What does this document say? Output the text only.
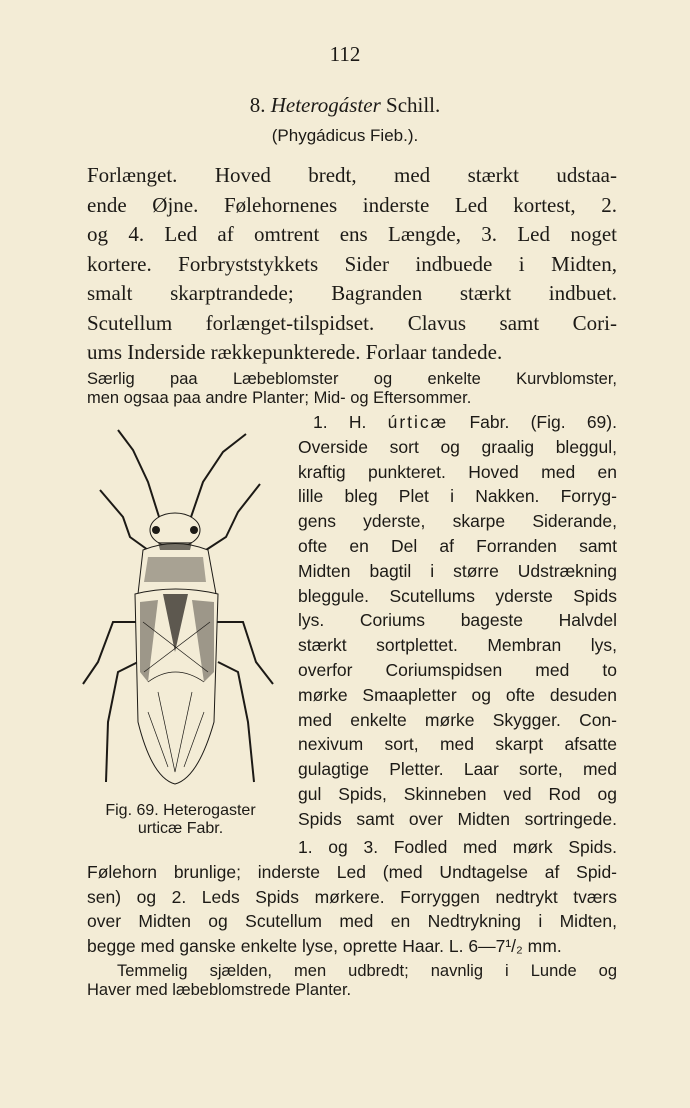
112
8. Heterogáster Schill.
(Phygádicus Fieb.).
Forlænget. Hoved bredt, med stærkt udstaa-
ende Øjne. Følehornenes inderste Led kortest, 2.
og 4. Led af omtrent ens Længde, 3. Led noget
kortere. Forbryststykkets Sider indbuede i Midten,
smalt skarptrandede; Bagranden stærkt indbuet.
Scutellum forlænget-tilspidset. Clavus samt Cori-
ums Inderside rækkepunkterede. Forlaar tandede.
Særlig paa Læbeblomster og enkelte Kurvblomster,
men ogsaa paa andre Planter; Mid- og Eftersommer.
Fig. 69. Heterogaster
urticæ Fabr.
1. H. úrticæ Fabr. (Fig. 69).
Overside sort og graalig bleggul,
kraftig punkteret. Hoved med en
lille bleg Plet i Nakken. Forryg-
gens yderste, skarpe Siderande,
ofte en Del af Forranden samt
Midten bagtil i større Udstrækning
bleggule. Scutellums yderste Spids
lys. Coriums bageste Halvdel
stærkt sortplettet. Membran lys,
overfor Coriumspidsen med to
mørke Smaapletter og ofte desuden
med enkelte mørke Skygger. Con-
nexivum sort, med skarpt afsatte
gulagtige Pletter. Laar sorte, med
gul Spids, Skinneben ved Rod og
Spids samt over Midten sortringede.
1. og 3. Fodled med mørk Spids.
Følehorn brunlige; inderste Led (med Undtagelse af Spid-
sen) og 2. Leds Spids mørkere. Forryggen nedtrykt tværs
over Midten og Scutellum med en Nedtrykning i Midten,
begge med ganske enkelte lyse, oprette Haar. L. 6—7¹/₂ mm.
Temmelig sjælden, men udbredt; navnlig i Lunde og
Haver med læbeblomstrede Planter.
